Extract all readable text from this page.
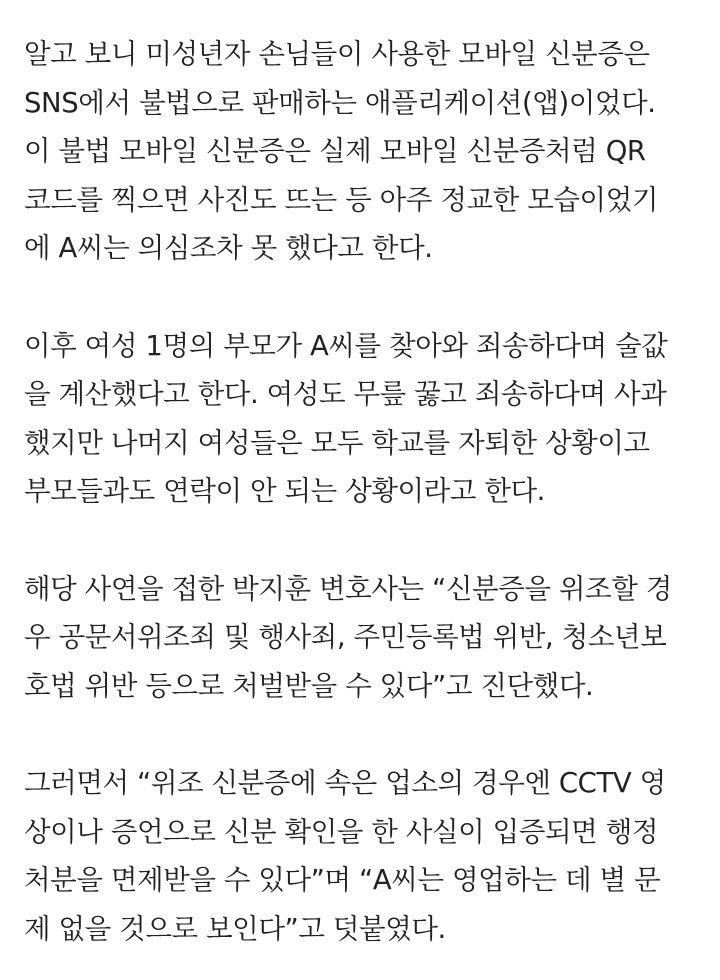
알고 보니 미성년자 손님들이 사용한 모바일 신분증은
SNS에서 불법으로 판매하는 애플리케이션(앱)이었다.
이 불법 모바일 신분증은 실제 모바일 신분증처럼 QR
코드를 찍으면 사진도 뜨는 등 아주 정교한 모습이었기
에 A씨는 의심조차 못 했다고 한다.

이후 여성 1명의 부모가 A씨를 찾아와 죄송하다며 술값
을 계산했다고 한다. 여성도 무릎 꿇고 죄송하다며 사과
했지만 나머지 여성들은 모두 학교를 자퇴한 상황이고
부모들과도 연락이 안 되는 상황이라고 한다.

해당 사연을 접한 박지훈 변호사는 “신분증을 위조할 경
우 공문서위조죄 및 행사죄, 주민등록법 위반, 청소년보
호법 위반 등으로 처벌받을 수 있다”고 진단했다.

그러면서 “위조 신분증에 속은 업소의 경우엔 CCTV 영
상이나 증언으로 신분 확인을 한 사실이 입증되면 행정
처분을 면제받을 수 있다”며 “A씨는 영업하는 데 별 문
제 없을 것으로 보인다”고 덧붙였다.
